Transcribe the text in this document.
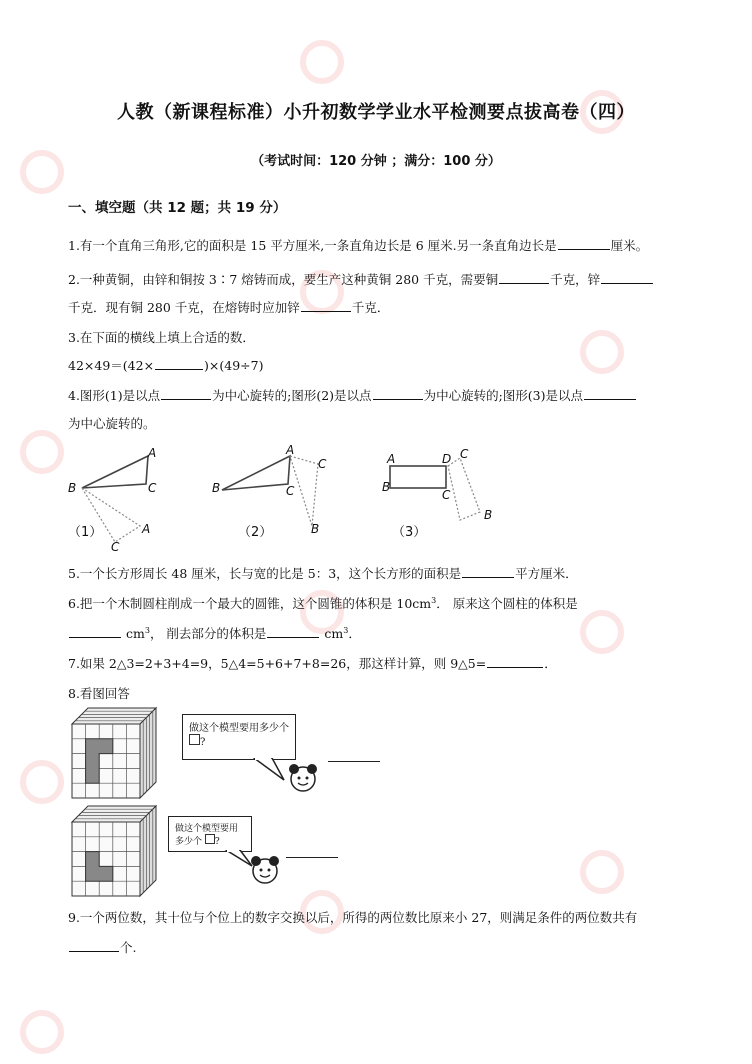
人教（新课程标准）小升初数学学业水平检测要点拔高卷（四）
（考试时间：120 分钟 ；满分：100 分）
一、填空题（共 12 题；共 19 分）
1.有一个直角三角形,它的面积是 15 平方厘米,一条直角边长是 6 厘米.另一条直角边长是	厘米。
2.一种黄铜，由锌和铜按 3∶7 熔铸而成，要生产这种黄铜 280 千克，需要铜	千克，锌
千克．现有铜 280 千克，在熔铸时应加锌	千克．
3.在下面的横线上填上合适的数．
42×49＝(42×	)×(49÷7)
4.图形(1)是以点	为中心旋转的;图形(2)是以点	为中心旋转的;图形(3)是以点
为中心旋转的。
A
B	C
A
C
A
B	C
C
B
A	D C
B
C
B
（1）	（2）	（3）
5.一个长方形周长 48 厘米，长与宽的比是 5：3，这个长方形的面积是	平方厘米．
6.把一个木制圆柱削成一个最大的圆锥，这个圆锥的体积是 $10cm^3$． 原来这个圆柱的体积是
$cm^3$， 削去部分的体积是	$cm^3$．
7.如果 2△3=2+3+4=9，5△4=5+6+7+8=26，那这样计算，则 9△5=	．
8.看图回答
做这个模型要用多少个 ?
做这个模型要用多少个 ?
9.一个两位数，其十位与个位上的数字交换以后，所得的两位数比原来小 27，则满足条件的两位数共有
个.
